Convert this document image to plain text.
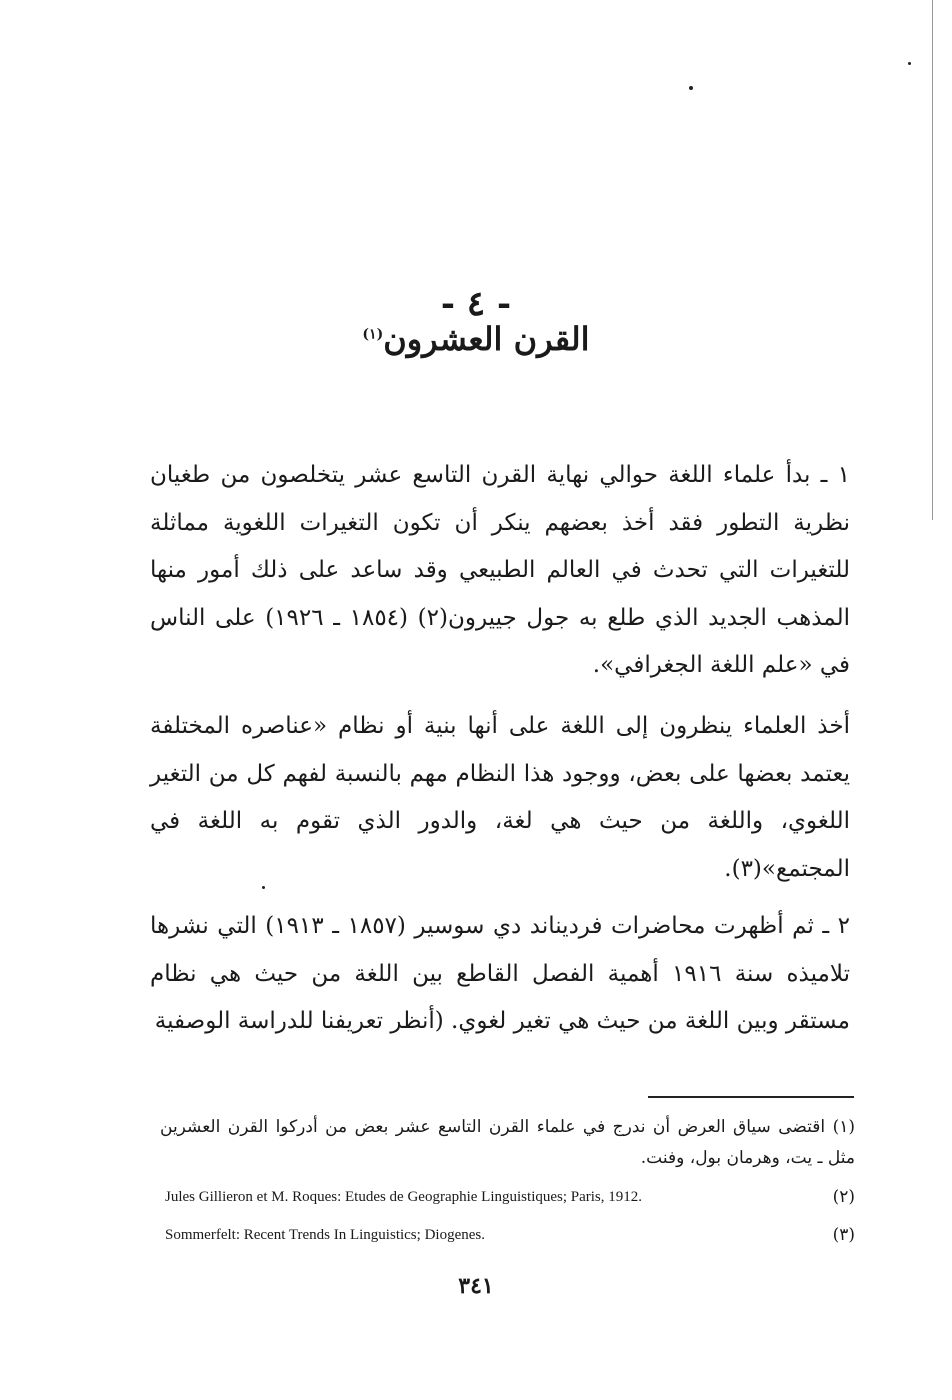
- ٤ -
القرن العشرون$^{(١)}$
١ ـ بدأ علماء اللغة حوالي نهاية القرن التاسع عشر يتخلصون من طغيان نظرية التطور فقد أخذ بعضهم ينكر أن تكون التغيرات اللغوية مماثلة للتغيرات التي تحدث في العالم الطبيعي وقد ساعد على ذلك أمور منها المذهب الجديد الذي طلع به جول جييرون(٢) (١٨٥٤ ـ ١٩٢٦) على الناس في «علم اللغة الجغرافي».
أخذ العلماء ينظرون إلى اللغة على أنها بنية أو نظام «عناصره المختلفة يعتمد بعضها على بعض، ووجود هذا النظام مهم بالنسبة لفهم كل من التغير اللغوي، واللغة من حيث هي لغة، والدور الذي تقوم به اللغة في المجتمع»(٣).
٢ ـ ثم أظهرت محاضرات فرديناند دي سوسير (١٨٥٧ ـ ١٩١٣) التي نشرها تلاميذه سنة ١٩١٦ أهمية الفصل القاطع بين اللغة من حيث هي نظام مستقر وبين اللغة من حيث هي تغير لغوي. (أنظر تعريفنا للدراسة الوصفية
(١) اقتضى سياق العرض أن ندرج في علماء القرن التاسع عشر بعض من أدركوا القرن العشرين مثل ـ يت، وهرمان بول، وفنت.
Jules Gillieron et M. Roques: Etudes de Geographie Linguistiques; Paris, 1912.	(٢)
Sommerfelt: Recent Trends In Linguistics; Diogenes.	(٣)
٣٤١
